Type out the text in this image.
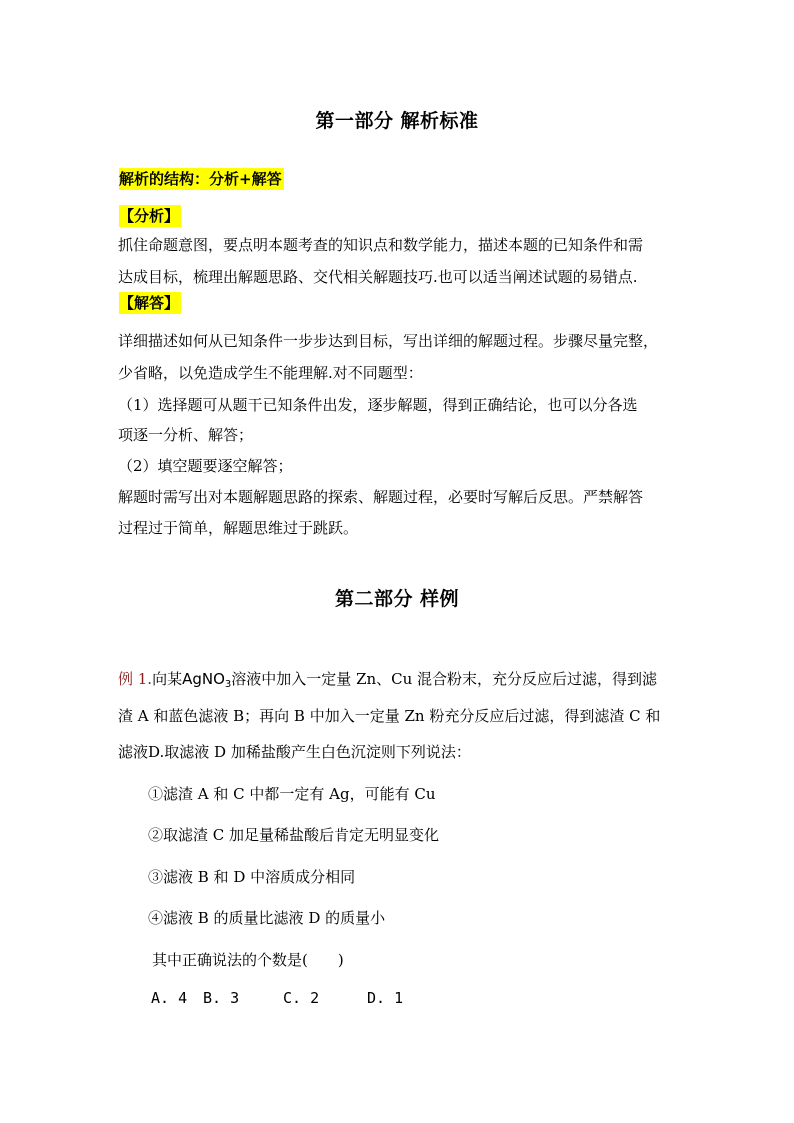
第一部分 解析标准
解析的结构：分析+解答
【分析】
抓住命题意图，要点明本题考查的知识点和数学能力，描述本题的已知条件和需
达成目标，梳理出解题思路、交代相关解题技巧.也可以适当阐述试题的易错点.
【解答】
详细描述如何从已知条件一步步达到目标，写出详细的解题过程。步骤尽量完整，
少省略，以免造成学生不能理解.对不同题型：
（1）选择题可从题干已知条件出发，逐步解题，得到正确结论，也可以分各选
项逐一分析、解答；
（2）填空题要逐空解答；
解题时需写出对本题解题思路的探索、解题过程，必要时写解后反思。严禁解答
过程过于简单，解题思维过于跳跃。
第二部分 样例
例 1.向某AgNO$_3$溶液中加入一定量 Zn、Cu 混合粉末，充分反应后过滤，得到滤
渣 A 和蓝色滤液 B；再向 B 中加入一定量 Zn 粉充分反应后过滤，得到滤渣 C 和
滤液D.取滤液 D 加稀盐酸产生白色沉淀则下列说法：
①滤渣 A 和 C 中都一定有 Ag，可能有 Cu
②取滤渣 C 加足量稀盐酸后肯定无明显变化
③滤液 B 和 D 中溶质成分相同
④滤液 B 的质量比滤液 D 的质量小
其中正确说法的个数是(　　)
A. 4 B. 3	C. 2	D. 1
